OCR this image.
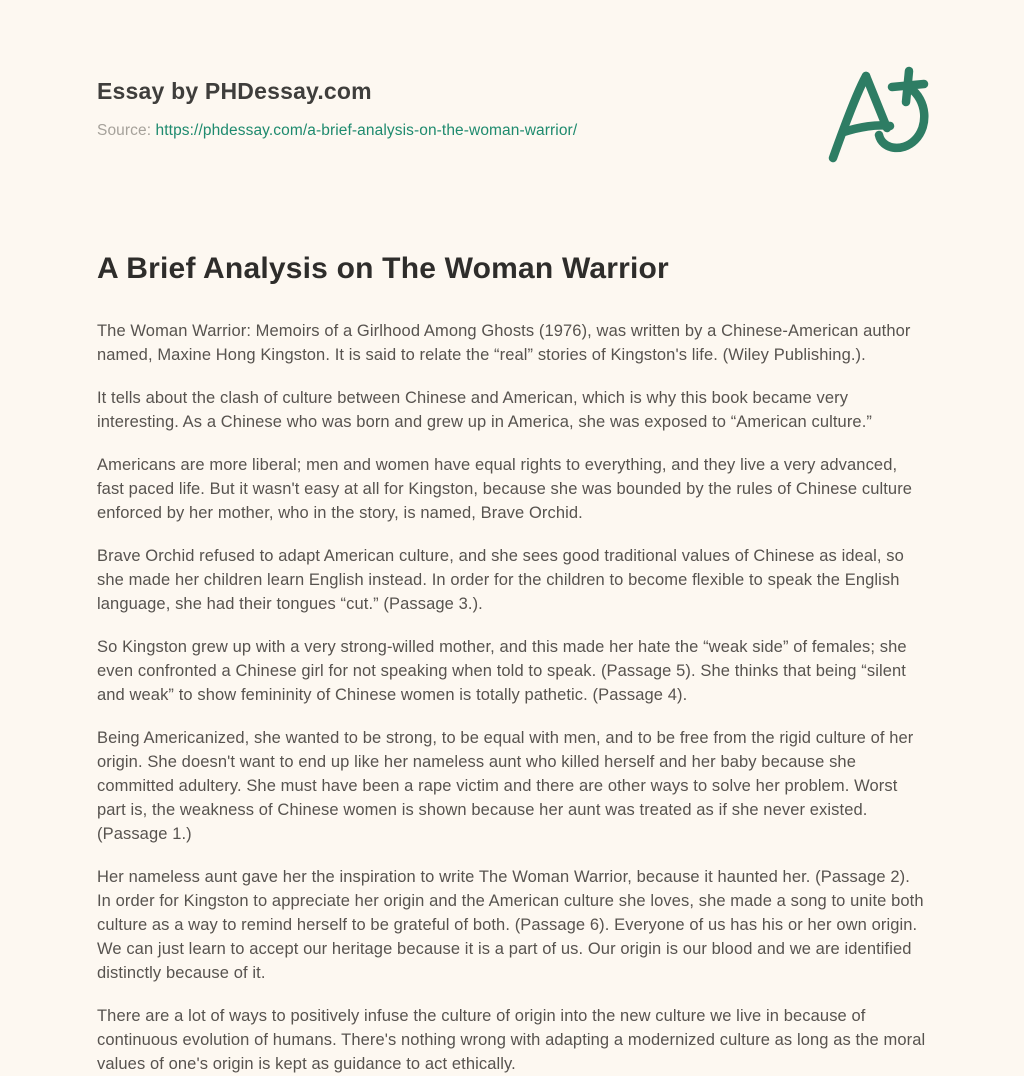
Essay by PHDessay.com
Source: https://phdessay.com/a-brief-analysis-on-the-woman-warrior/
A Brief Analysis on The Woman Warrior

The Woman Warrior: Memoirs of a Girlhood Among Ghosts (1976), was written by a Chinese-American author named, Maxine Hong Kingston. It is said to relate the “real” stories of Kingston's life. (Wiley Publishing.).

It tells about the clash of culture between Chinese and American, which is why this book became very interesting. As a Chinese who was born and grew up in America, she was exposed to “American culture.”

Americans are more liberal; men and women have equal rights to everything, and they live a very advanced, fast paced life. But it wasn't easy at all for Kingston, because she was bounded by the rules of Chinese culture enforced by her mother, who in the story, is named, Brave Orchid.

Brave Orchid refused to adapt American culture, and she sees good traditional values of Chinese as ideal, so she made her children learn English instead. In order for the children to become flexible to speak the English language, she had their tongues “cut.” (Passage 3.).

So Kingston grew up with a very strong-willed mother, and this made her hate the “weak side” of females; she even confronted a Chinese girl for not speaking when told to speak. (Passage 5). She thinks that being “silent and weak” to show femininity of Chinese women is totally pathetic. (Passage 4).

Being Americanized, she wanted to be strong, to be equal with men, and to be free from the rigid culture of her origin. She doesn't want to end up like her nameless aunt who killed herself and her baby because she committed adultery. She must have been a rape victim and there are other ways to solve her problem. Worst part is, the weakness of Chinese women is shown because her aunt was treated as if she never existed. (Passage 1.)

Her nameless aunt gave her the inspiration to write The Woman Warrior, because it haunted her. (Passage 2). In order for Kingston to appreciate her origin and the American culture she loves, she made a song to unite both culture as a way to remind herself to be grateful of both. (Passage 6). Everyone of us has his or her own origin. We can just learn to accept our heritage because it is a part of us. Our origin is our blood and we are identified distinctly because of it.

There are a lot of ways to positively infuse the culture of origin into the new culture we live in because of continuous evolution of humans. There's nothing wrong with adapting a modernized culture as long as the moral values of one's origin is kept as guidance to act ethically.
